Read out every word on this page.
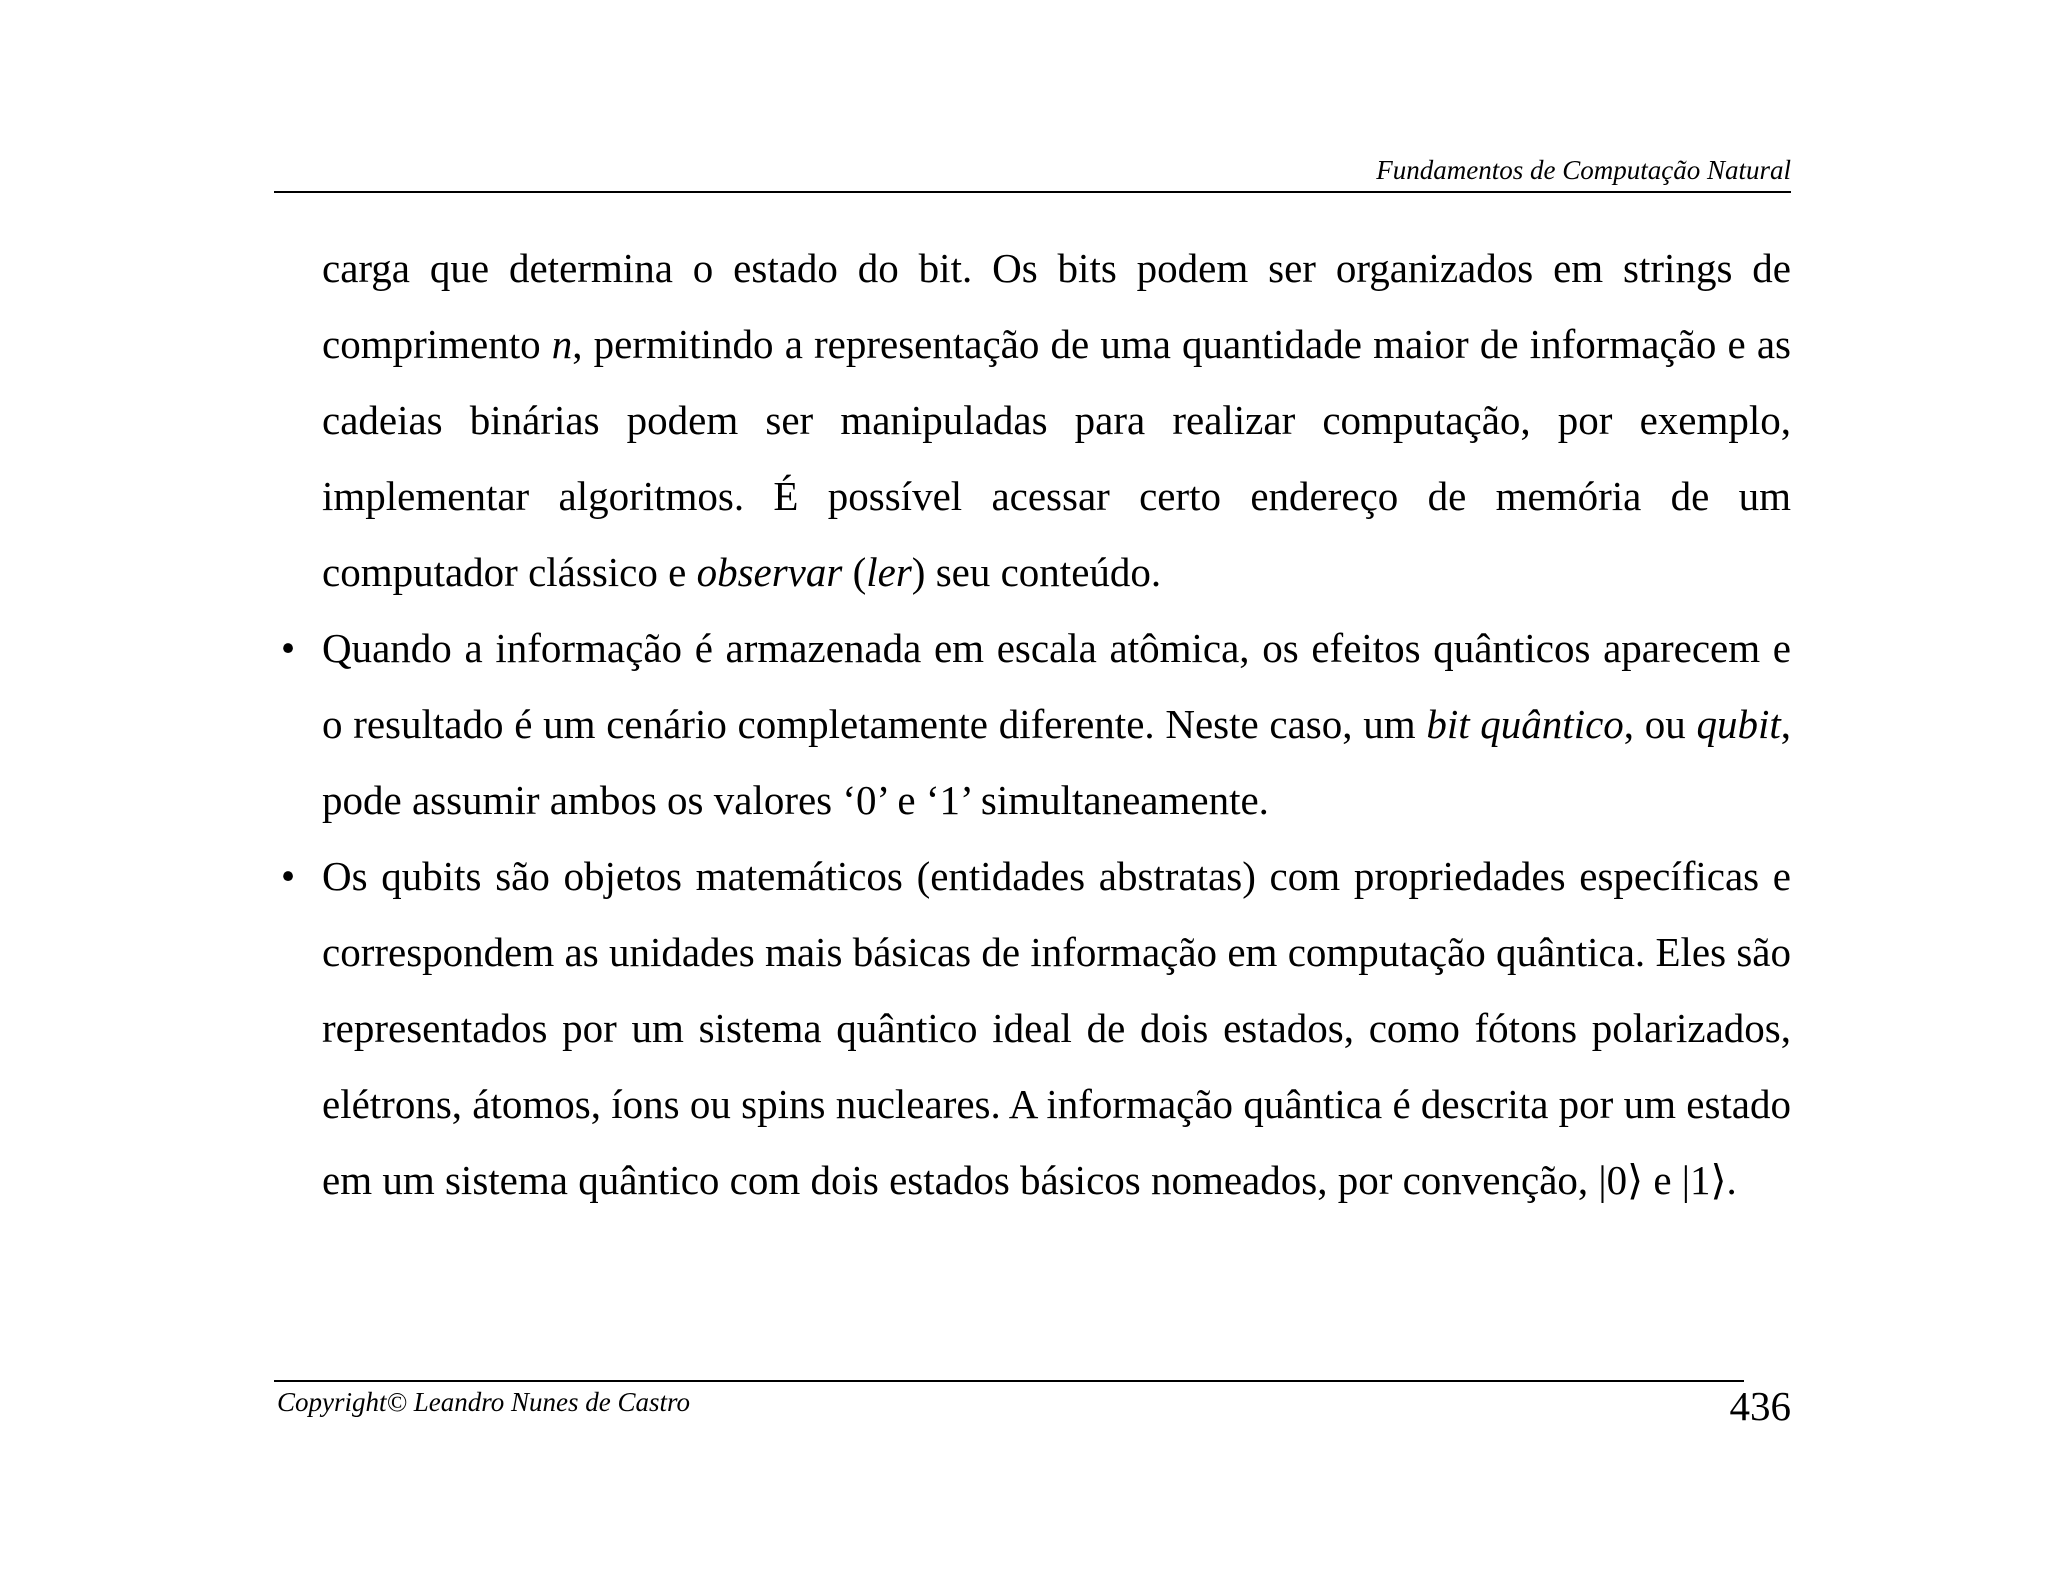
Fundamentos de Computação Natural

carga que determina o estado do bit. Os bits podem ser organizados em strings de comprimento n, permitindo a representação de uma quantidade maior de informação e as cadeias binárias podem ser manipuladas para realizar computação, por exemplo, implementar algoritmos. É possível acessar certo endereço de memória de um computador clássico e observar (ler) seu conteúdo.

• Quando a informação é armazenada em escala atômica, os efeitos quânticos aparecem e o resultado é um cenário completamente diferente. Neste caso, um bit quântico, ou qubit, pode assumir ambos os valores ‘0’ e ‘1’ simultaneamente.

• Os qubits são objetos matemáticos (entidades abstratas) com propriedades específicas e correspondem as unidades mais básicas de informação em computação quântica. Eles são representados por um sistema quântico ideal de dois estados, como fótons polarizados, elétrons, átomos, íons ou spins nucleares. A informação quântica é descrita por um estado em um sistema quântico com dois estados básicos nomeados, por convenção, |0⟩ e |1⟩.

Copyright© Leandro Nunes de Castro	436
